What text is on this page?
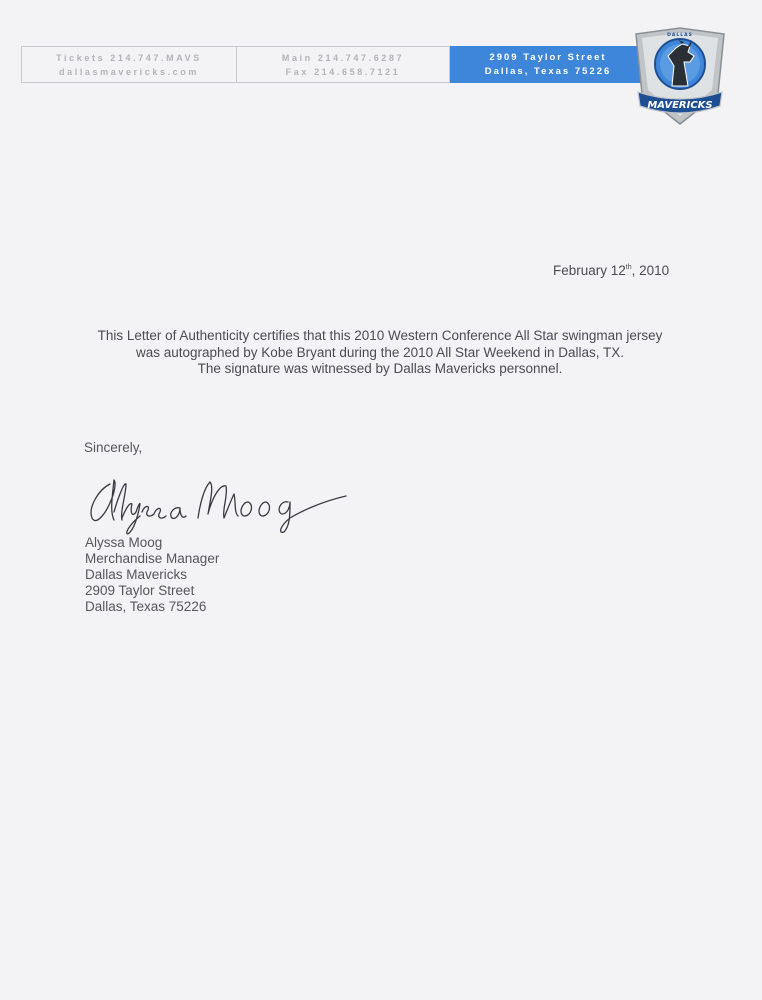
Tickets 214.747.MAVS
dallasmavericks.com
Main 214.747.6287
Fax 214.658.7121
2909 Taylor Street
Dallas, Texas 75226
MAVERICKS
DALLAS
February 12th, 2010
This Letter of Authenticity certifies that this 2010 Western Conference All Star swingman jersey
was autographed by Kobe Bryant during the 2010 All Star Weekend in Dallas, TX.
The signature was witnessed by Dallas Mavericks personnel.
Sincerely,
Alyssa Moog
Merchandise Manager
Dallas Mavericks
2909 Taylor Street
Dallas, Texas 75226
